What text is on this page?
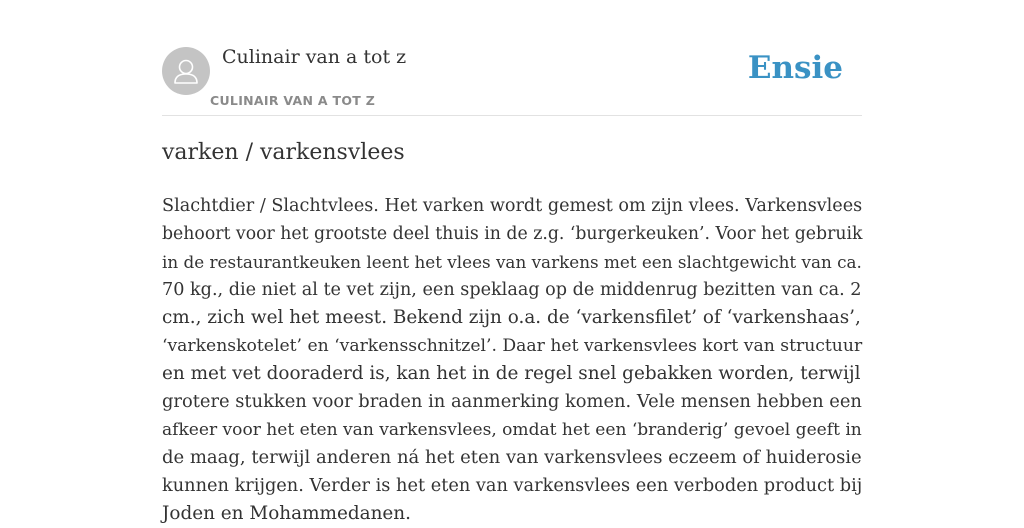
Culinair van a tot z
CULINAIR VAN A TOT Z
Ensie
varken / varkensvlees

Slachtdier / Slachtvlees. Het varken wordt gemest om zijn vlees. Varkensvlees
behoort voor het grootste deel thuis in de z.g. ‘burgerkeuken’. Voor het gebruik
in de restaurantkeuken leent het vlees van varkens met een slachtgewicht van ca.
70 kg., die niet al te vet zijn, een speklaag op de middenrug bezitten van ca. 2
cm., zich wel het meest. Bekend zijn o.a. de ‘varkensfilet’ of ‘varkenshaas’,
‘varkenskotelet’ en ‘varkensschnitzel’. Daar het varkensvlees kort van structuur
en met vet dooraderd is, kan het in de regel snel gebakken worden, terwijl
grotere stukken voor braden in aanmerking komen. Vele mensen hebben een
afkeer voor het eten van varkensvlees, omdat het een ‘branderig’ gevoel geeft in
de maag, terwijl anderen ná het eten van varkensvlees eczeem of huiderosie
kunnen krijgen. Verder is het eten van varkensvlees een verboden product bij
Joden en Mohammedanen.
